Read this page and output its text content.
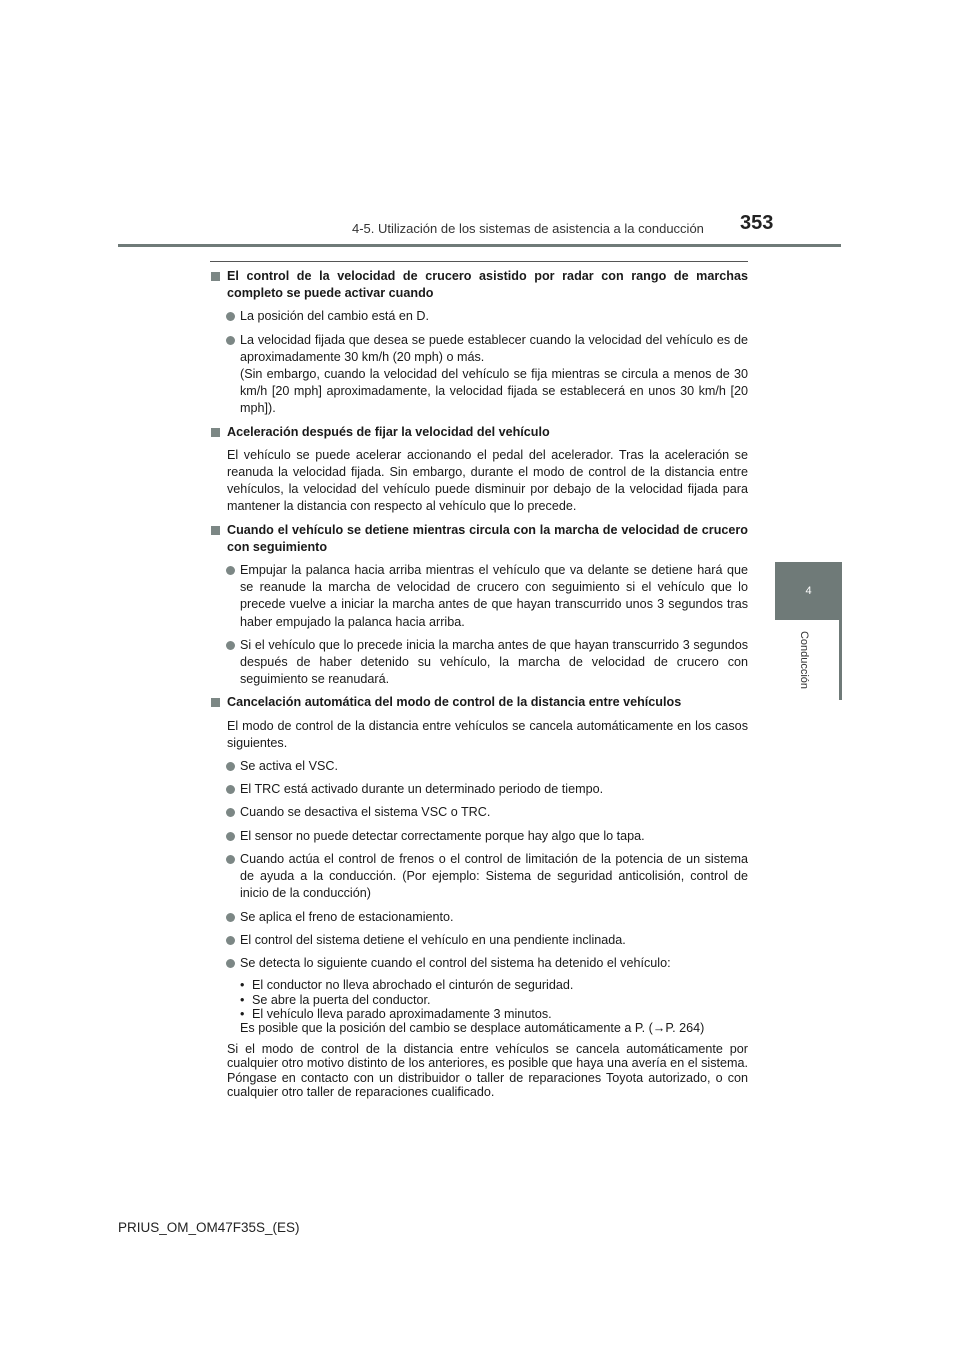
4-5. Utilización de los sistemas de asistencia a la conducción 353
4
Conducción
El control de la velocidad de crucero asistido por radar con rango de marchas completo se puede activar cuando
La posición del cambio está en D.
La velocidad fijada que desea se puede establecer cuando la velocidad del vehículo es de aproximadamente 30 km/h (20 mph) o más.
(Sin embargo, cuando la velocidad del vehículo se fija mientras se circula a menos de 30 km/h [20 mph] aproximadamente, la velocidad fijada se establecerá en unos 30 km/h [20 mph]).
Aceleración después de fijar la velocidad del vehículo
El vehículo se puede acelerar accionando el pedal del acelerador. Tras la aceleración se reanuda la velocidad fijada. Sin embargo, durante el modo de control de la distancia entre vehículos, la velocidad del vehículo puede disminuir por debajo de la velocidad fijada para mantener la distancia con respecto al vehículo que lo precede.
Cuando el vehículo se detiene mientras circula con la marcha de velocidad de crucero con seguimiento
Empujar la palanca hacia arriba mientras el vehículo que va delante se detiene hará que se reanude la marcha de velocidad de crucero con seguimiento si el vehículo que lo precede vuelve a iniciar la marcha antes de que hayan transcurrido unos 3 segundos tras haber empujado la palanca hacia arriba.
Si el vehículo que lo precede inicia la marcha antes de que hayan transcurrido 3 segundos después de haber detenido su vehículo, la marcha de velocidad de crucero con seguimiento se reanudará.
Cancelación automática del modo de control de la distancia entre vehículos
El modo de control de la distancia entre vehículos se cancela automáticamente en los casos siguientes.
Se activa el VSC.
El TRC está activado durante un determinado periodo de tiempo.
Cuando se desactiva el sistema VSC o TRC.
El sensor no puede detectar correctamente porque hay algo que lo tapa.
Cuando actúa el control de frenos o el control de limitación de la potencia de un sistema de ayuda a la conducción. (Por ejemplo: Sistema de seguridad anticolisión, control de inicio de la conducción)
Se aplica el freno de estacionamiento.
El control del sistema detiene el vehículo en una pendiente inclinada.
Se detecta lo siguiente cuando el control del sistema ha detenido el vehículo:
• El conductor no lleva abrochado el cinturón de seguridad.
• Se abre la puerta del conductor.
• El vehículo lleva parado aproximadamente 3 minutos.
Es posible que la posición del cambio se desplace automáticamente a P. (→P. 264)
Si el modo de control de la distancia entre vehículos se cancela automáticamente por cualquier otro motivo distinto de los anteriores, es posible que haya una avería en el sistema. Póngase en contacto con un distribuidor o taller de reparaciones Toyota autorizado, o con cualquier otro taller de reparaciones cualificado.
PRIUS_OM_OM47F35S_(ES)
